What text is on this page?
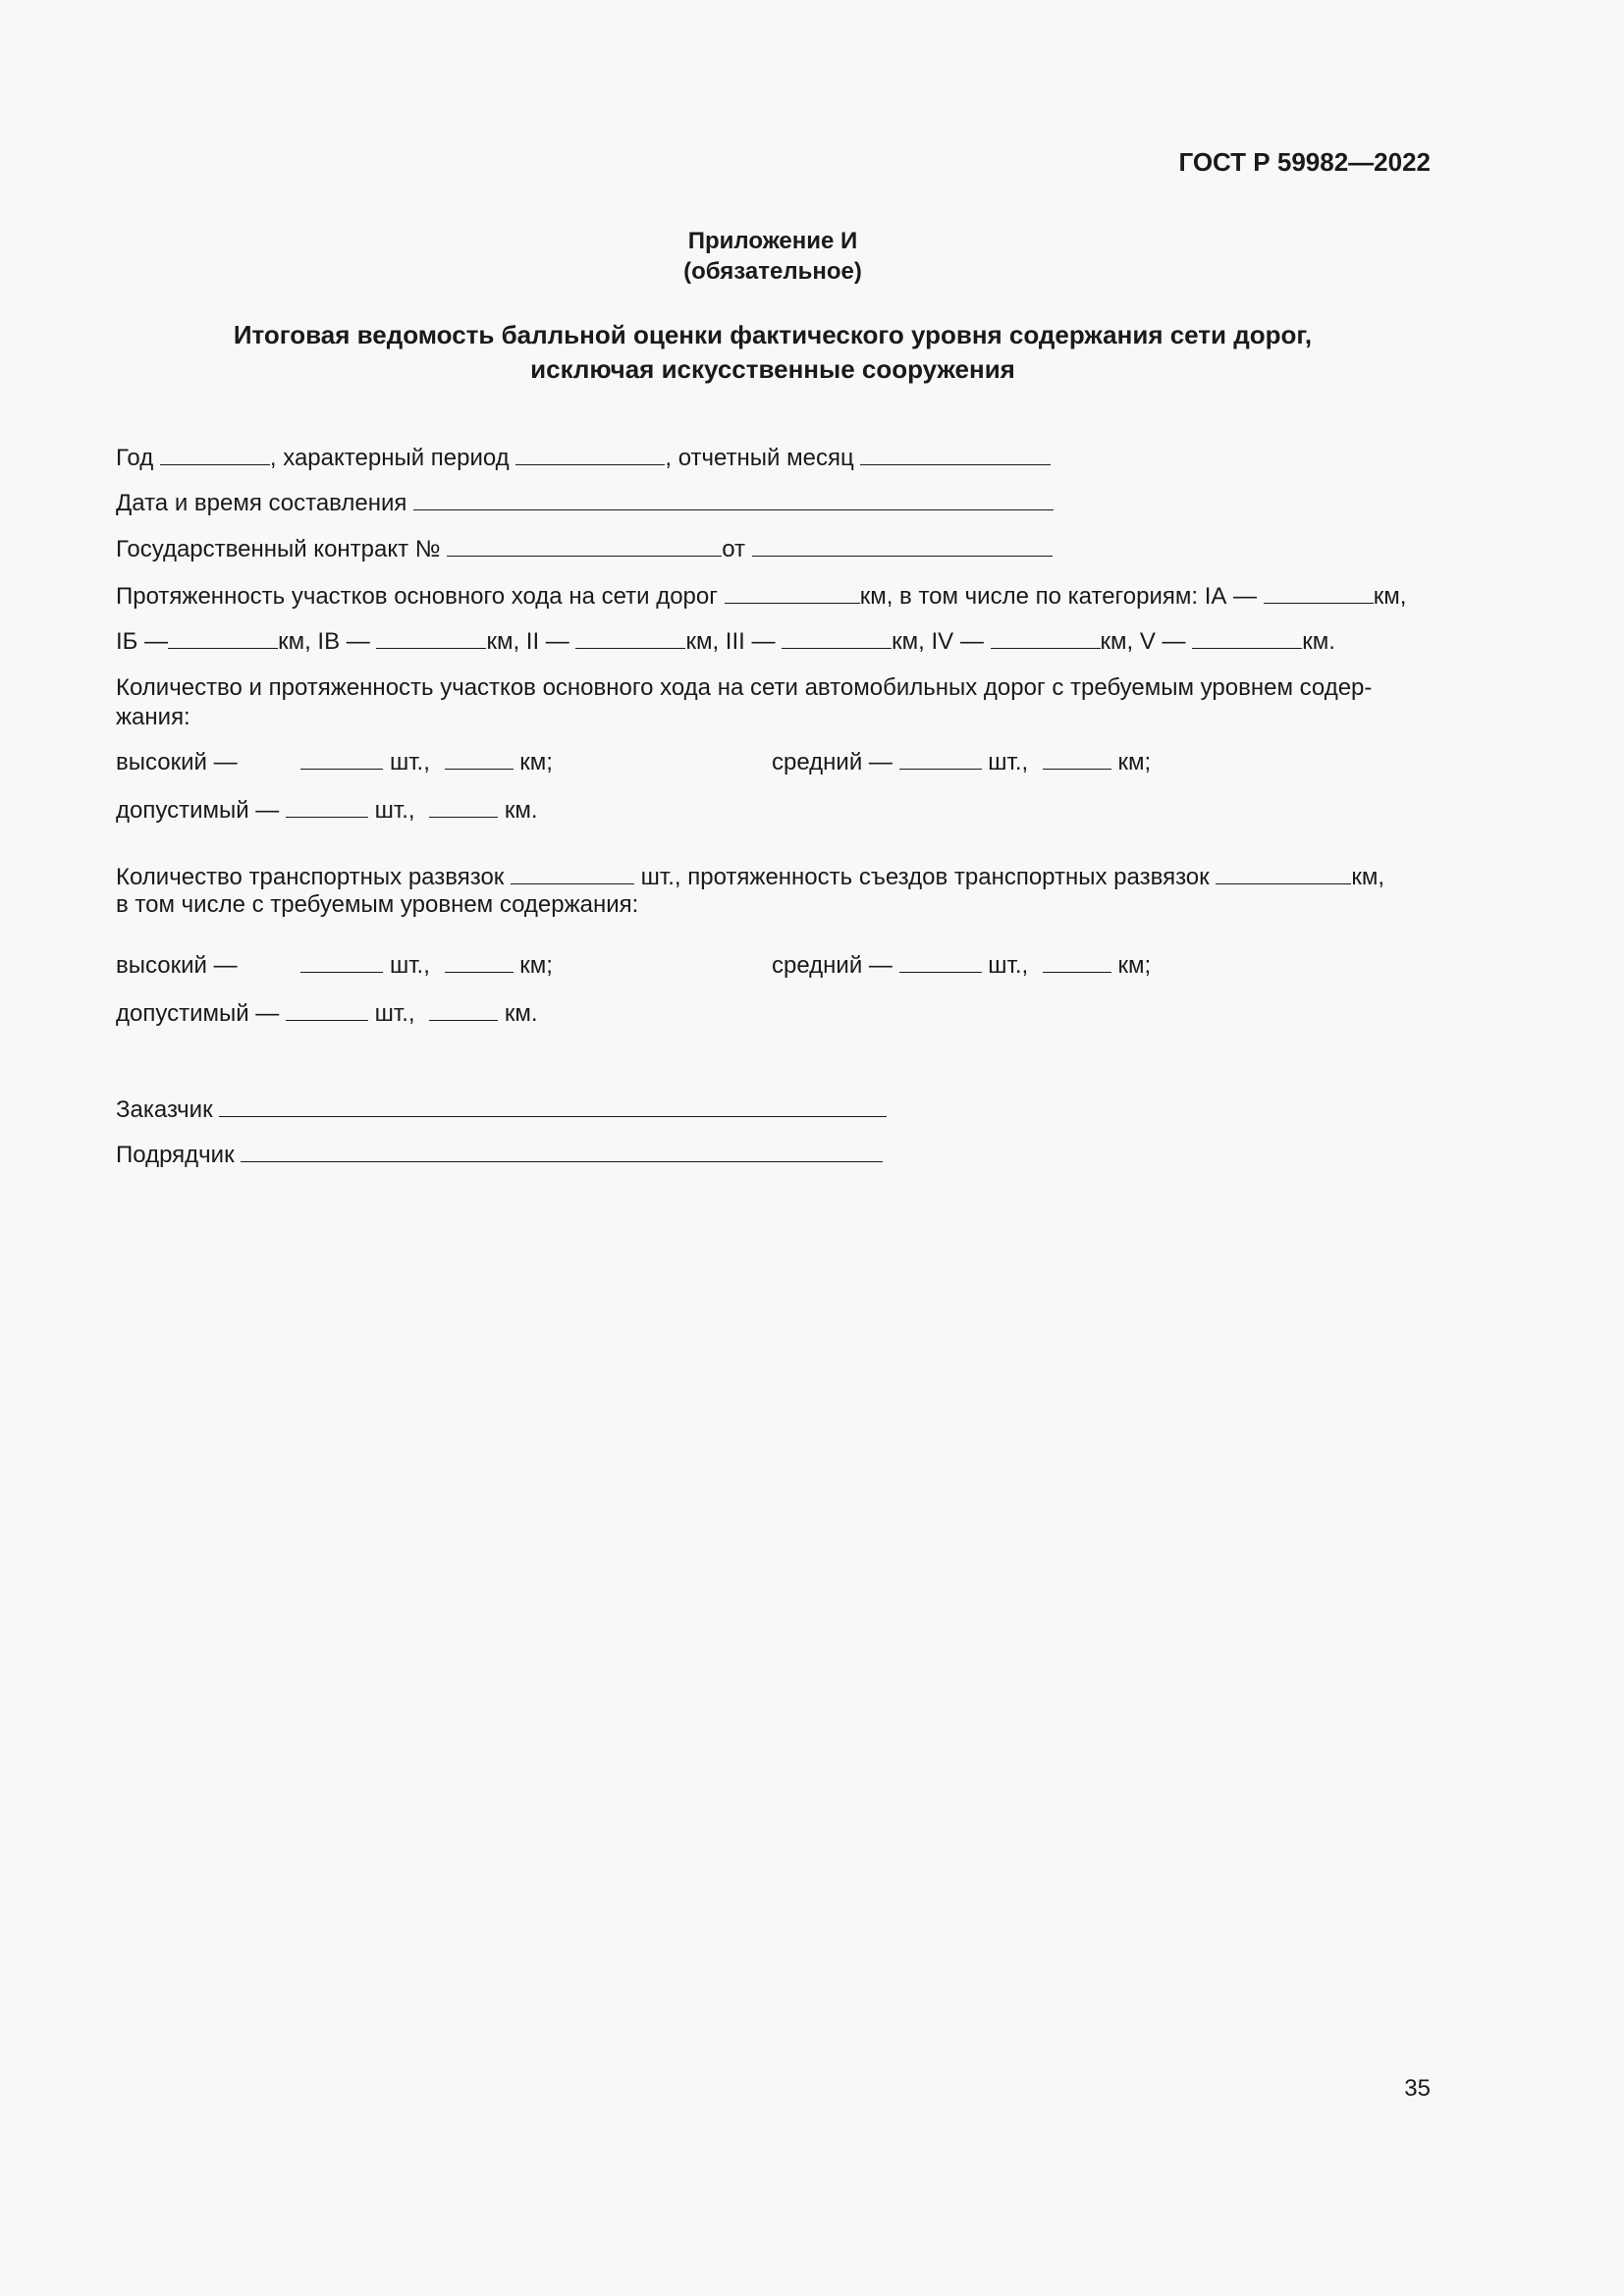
ГОСТ Р 59982—2022
Приложение И
(обязательное)
Итоговая ведомость балльной оценки фактического уровня содержания сети дорог,
исключая искусственные сооружения
Год	, характерный период	, отчетный месяц
Дата и время составления
Государственный контракт №	от
Протяженность участков основного хода на сети дорог	км, в том числе по категориям: IА —	км,
IБ —	км, IВ —	км, II —	км, III —	км, IV —	км, V —	км.
Количество и протяженность участков основного хода на сети автомобильных дорог с требуемым уровнем содер-жания:
высокий —	шт.,	км;	средний —	шт.,	км;
допустимый —	шт.,	км.
Количество транспортных развязок	шт., протяженность съездов транспортных развязок	км,
в том числе с требуемым уровнем содержания:
высокий —	шт.,	км;	средний —	шт.,	км;
допустимый —	шт.,	км.
Заказчик
Подрядчик
35
